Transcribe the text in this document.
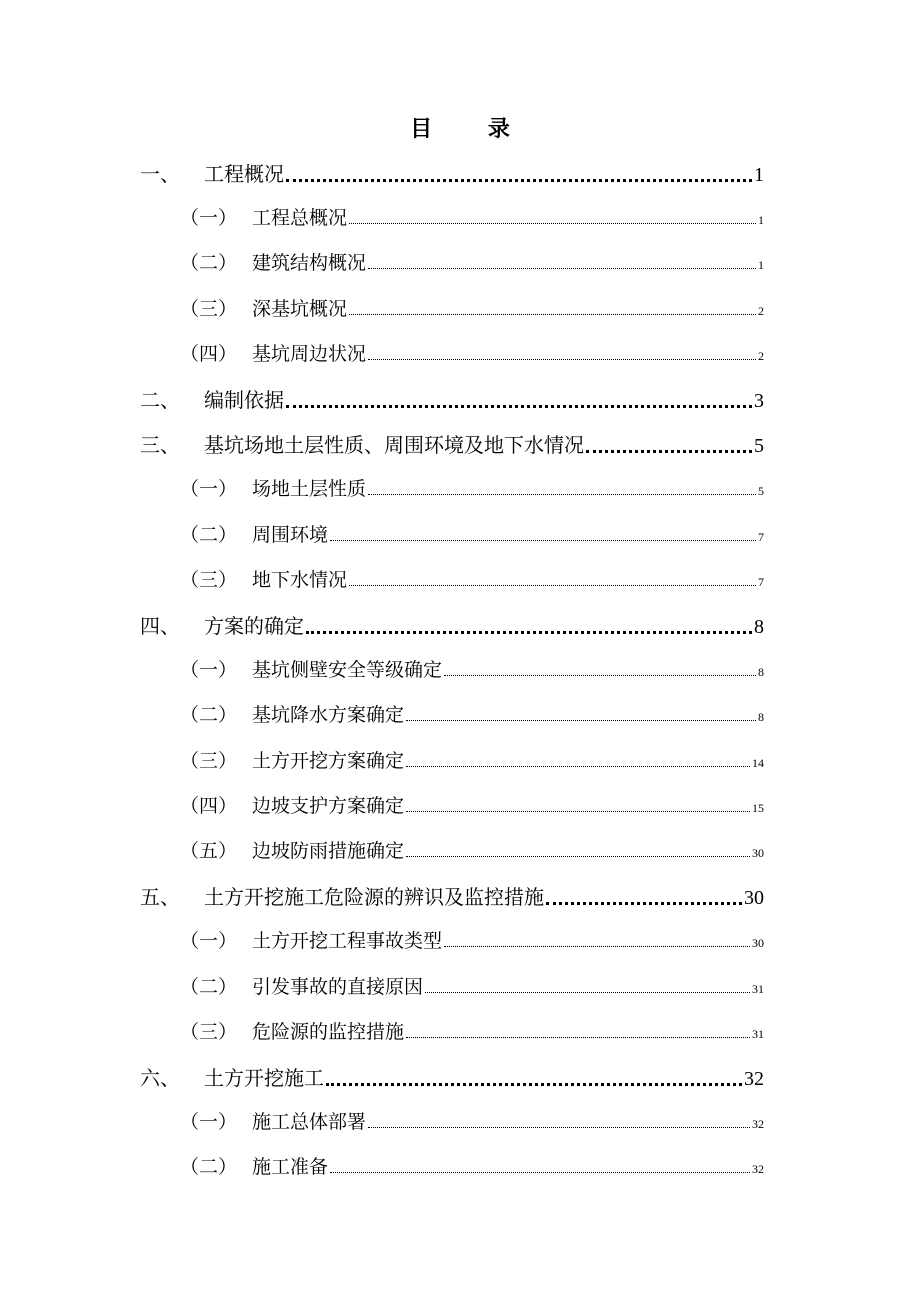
目 录
一、	工程概况	1
（一） 工程总概况	1
（二） 建筑结构概况	1
（三） 深基坑概况	2
（四） 基坑周边状况	2
二、	编制依据	3
三、	基坑场地土层性质、周围环境及地下水情况	5
（一） 场地土层性质	5
（二） 周围环境	7
（三） 地下水情况	7
四、	方案的确定	8
（一） 基坑侧壁安全等级确定	8
（二） 基坑降水方案确定	8
（三） 土方开挖方案确定	14
（四） 边坡支护方案确定	15
（五） 边坡防雨措施确定	30
五、	土方开挖施工危险源的辨识及监控措施	30
（一） 土方开挖工程事故类型	30
（二） 引发事故的直接原因	31
（三） 危险源的监控措施	31
六、	土方开挖施工	32
（一） 施工总体部署	32
（二） 施工准备	32
